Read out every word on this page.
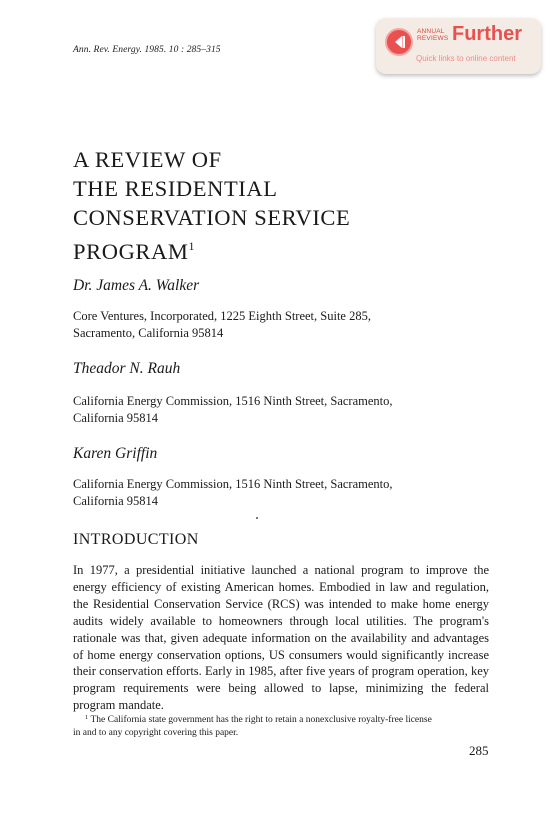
Ann. Rev. Energy. 1985. 10 : 285–315
ANNUAL
REVIEWS Further
Quick links to online content
A REVIEW OF
THE RESIDENTIAL
CONSERVATION SERVICE
PROGRAM$^1$
Dr. James A. Walker
Core Ventures, Incorporated, 1225 Eighth Street, Suite 285, Sacramento, California 95814
Theador N. Rauh
California Energy Commission, 1516 Ninth Street, Sacramento, California 95814
Karen Griffin
California Energy Commission, 1516 Ninth Street, Sacramento, California 95814
INTRODUCTION
In 1977, a presidential initiative launched a national program to improve the energy efficiency of existing American homes. Embodied in law and regulation, the Residential Conservation Service (RCS) was intended to make home energy audits widely available to homeowners through local utilities. The program's rationale was that, given adequate information on the availability and advantages of home energy conservation options, US consumers would significantly increase their conservation efforts. Early in 1985, after five years of program operation, key program requirements were being allowed to lapse, minimizing the federal program mandate.
$^1$ The California state government has the right to retain a nonexclusive royalty-free license
in and to any copyright covering this paper.
285
